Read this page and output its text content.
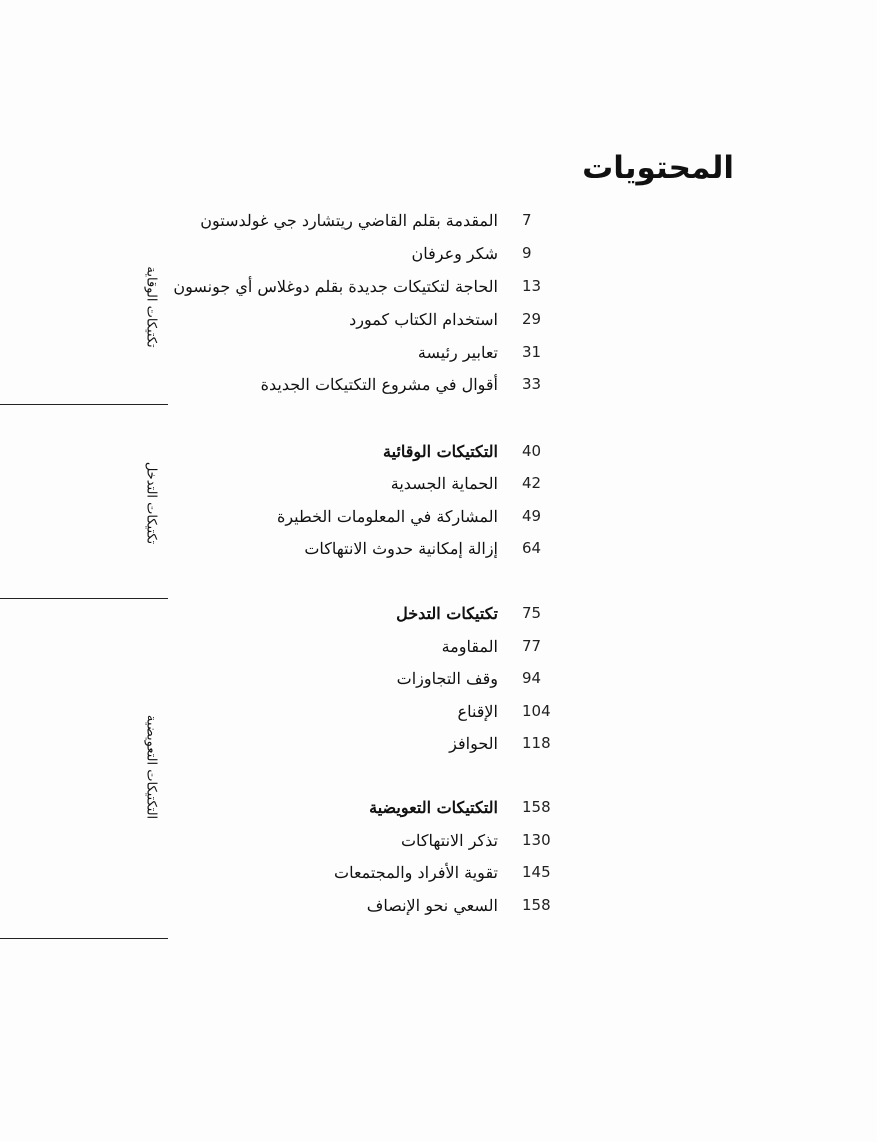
المحتويات
7
المقدمة بقلم القاضي ريتشارد جي غولدستون
9
شكر وعرفان
13
الحاجة لتكتيكات جديدة بقلم دوغلاس أي جونسون
29
استخدام الكتاب كمورد
31
تعابير رئيسة
33
أقوال في مشروع التكتيكات الجديدة
تكتيكات الوقاية
40
التكتيكات الوقائية
42
الحماية الجسدية
49
المشاركة في المعلومات الخطيرة
64
إزالة إمكانية حدوث الانتهاكات
تكتيكات التدخل
75
تكتيكات التدخل
77
المقاومة
94
وقف التجاوزات
104
الإقناع
118
الحوافز
التكتيكات التعويضية	158
التكتيكات التعويضية
130
تذكر الانتهاكات
145
تقوية الأفراد والمجتمعات
158
السعي نحو الإنصاف
